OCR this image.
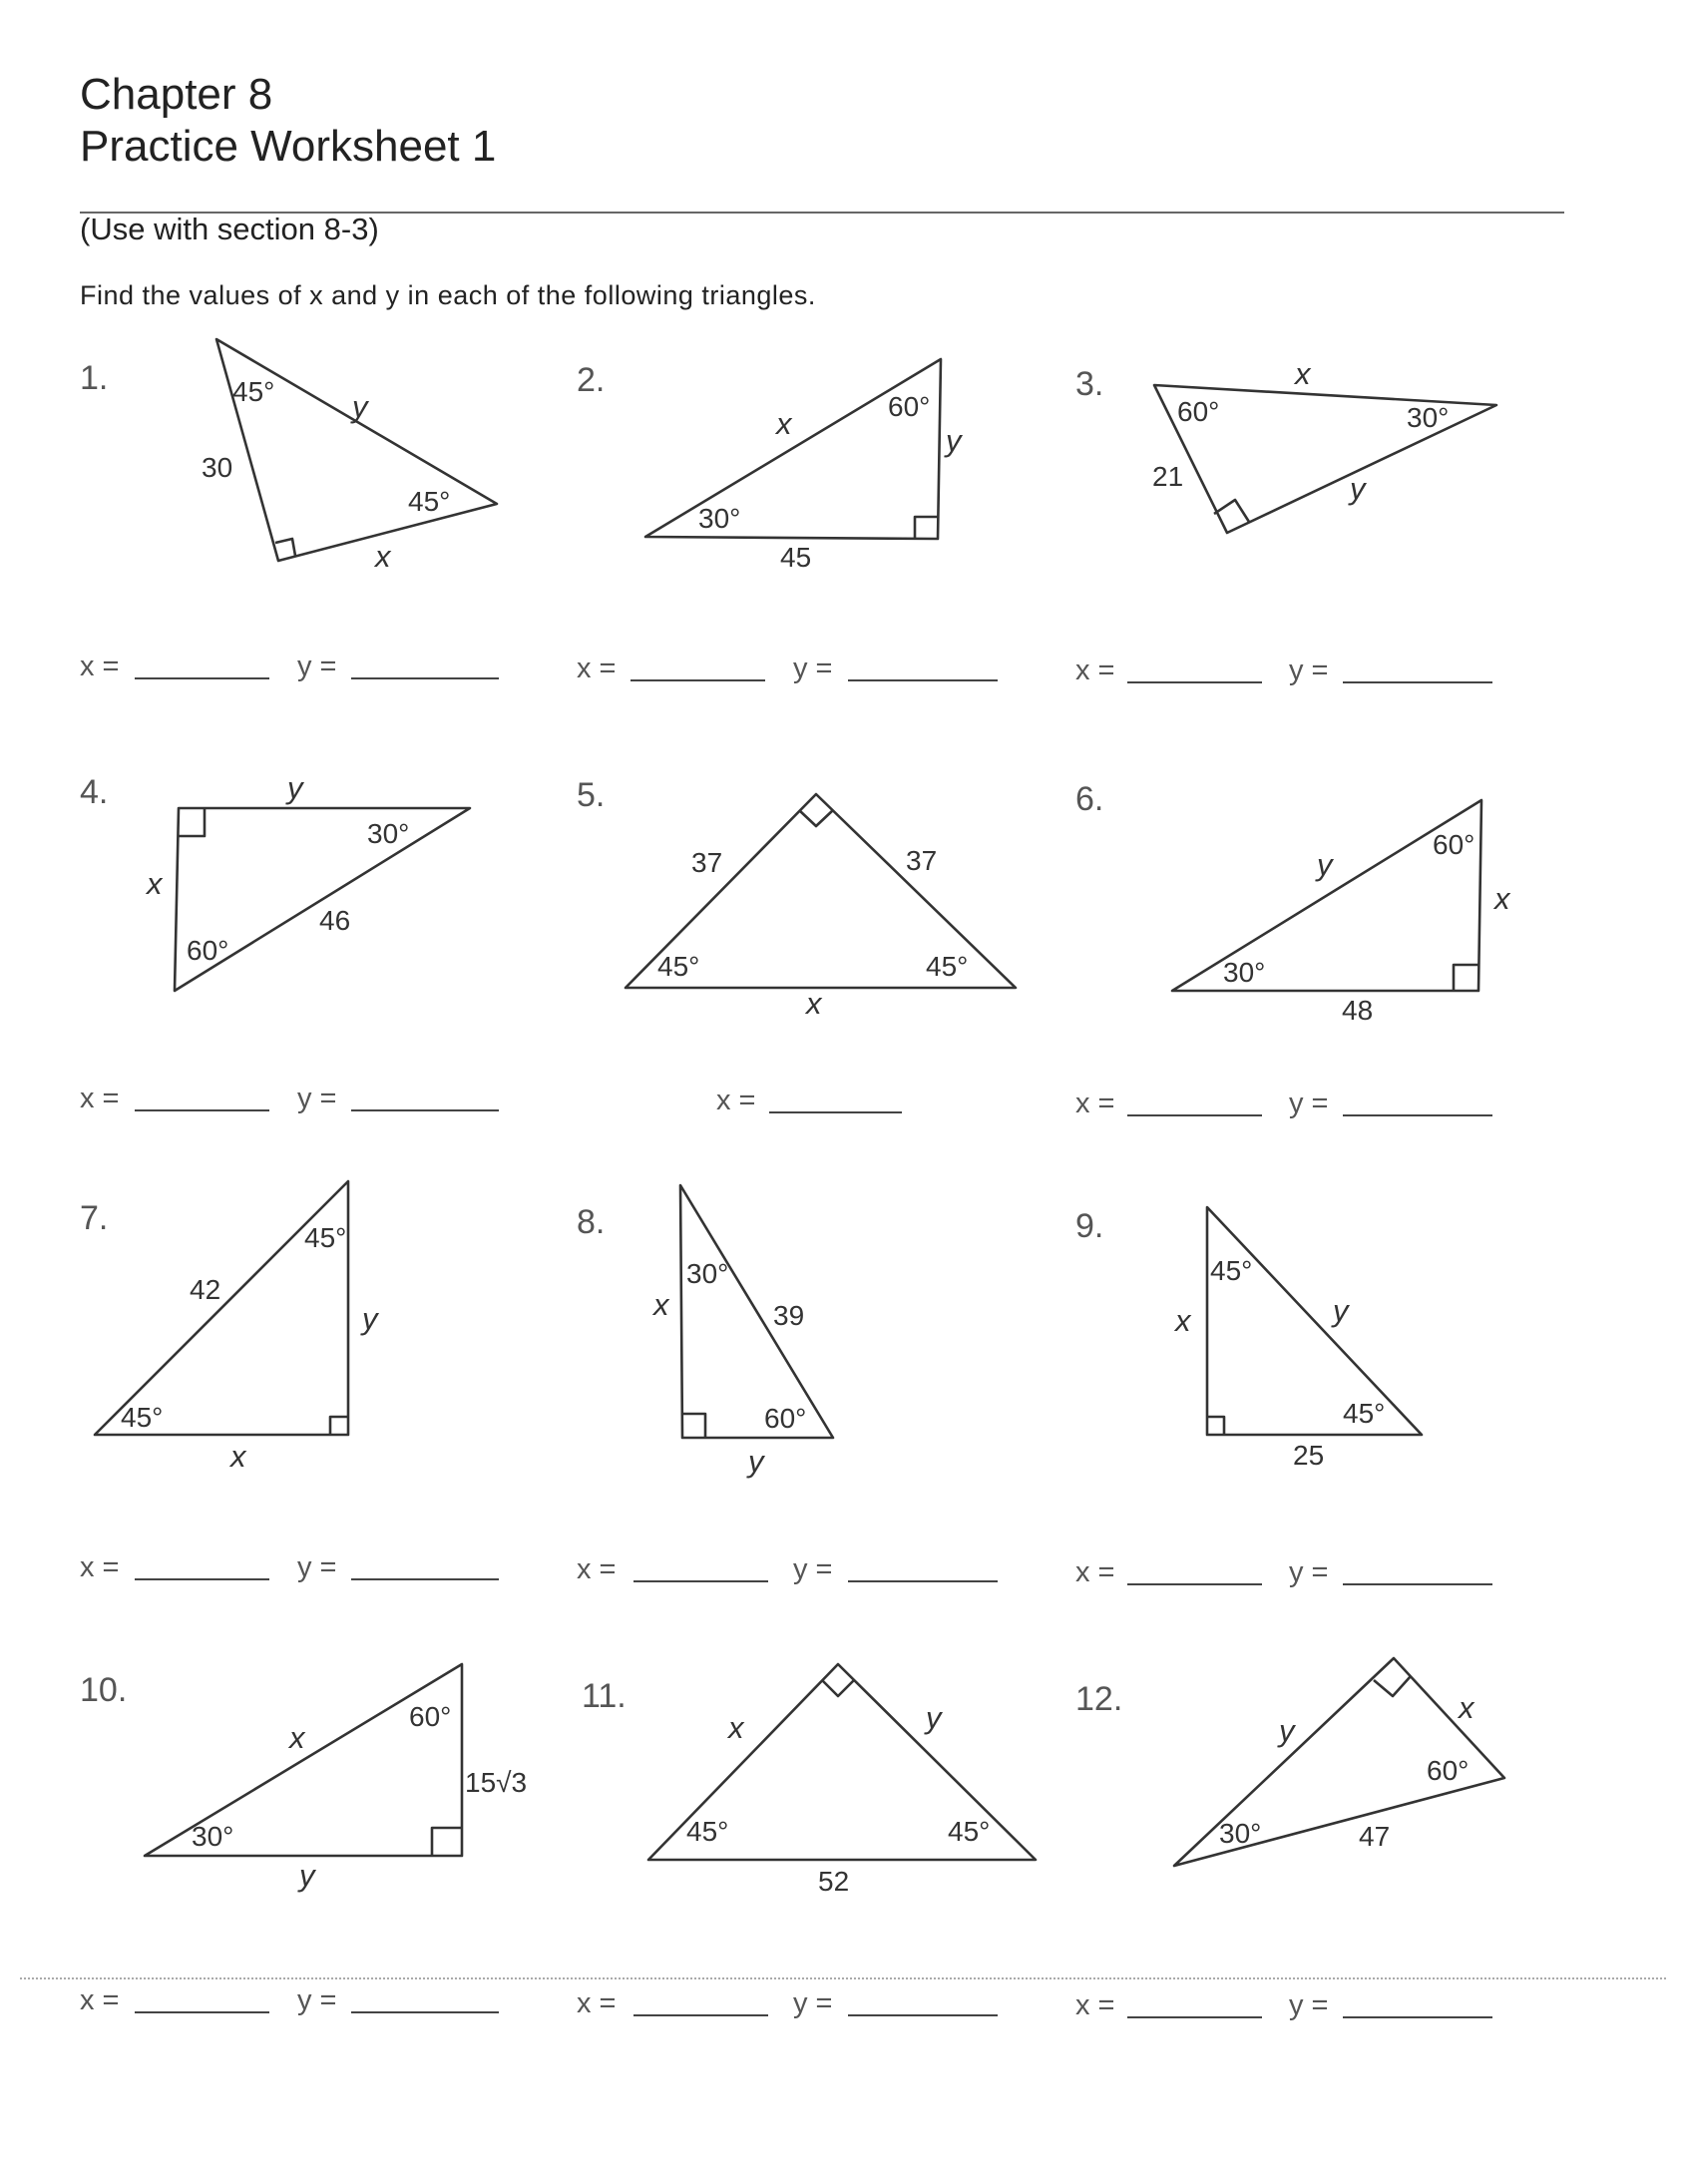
Chapter 8
Practice Worksheet 1
(Use with section 8-3)
Find the values of x and y in each of the following triangles.
1.	2.	3.
4.	5.	6.
7.	8.	9.
10.	11.	12.
45°	y
30
45°
x
x	60°
y
30°
45
x
60°	30°
21	y
y
30°
x
46
60°
37	37
45°	45°
x
y
60°
x
30°
48
45°
42
y
45°
x
30°
x	39
60°
y
45°
x	y
45°
25
60°
x
15√3
30°
y
x	y
45°	45°
52
y
x
60°
30°	47
x =	y =	x =	y =	x =	y =
x =	y =	x =	x =	y =
x =	y =	x =	y =	x =	y =
x =	y =	x =	y =	x =	y =
